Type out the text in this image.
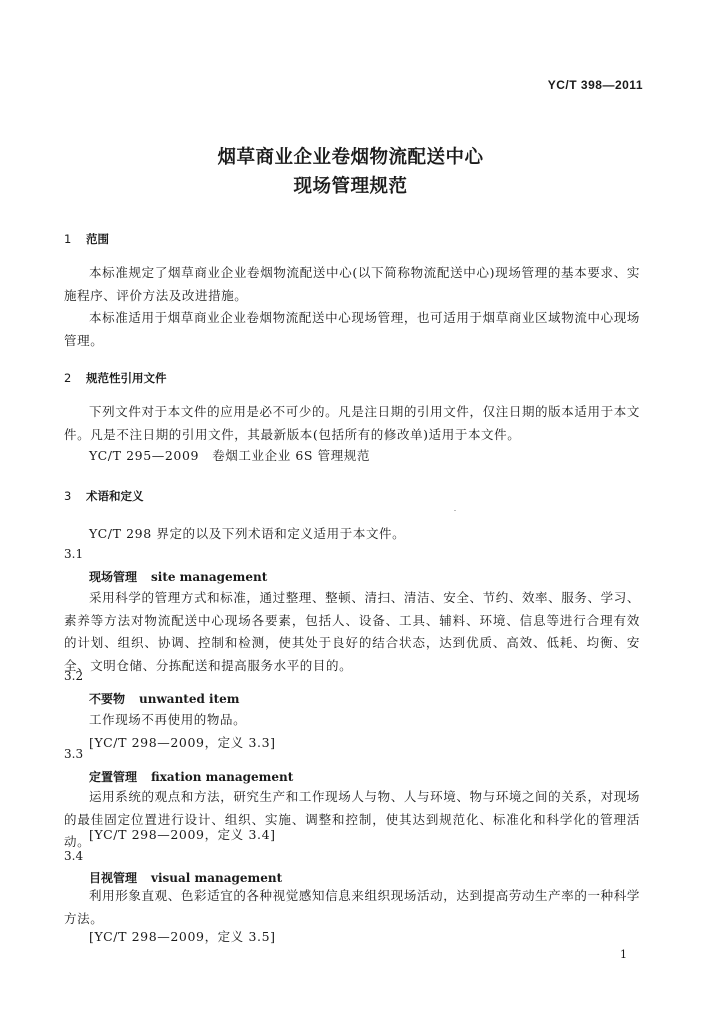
YC/T 398—2011
烟草商业企业卷烟物流配送中心
现场管理规范
1 范围
本标准规定了烟草商业企业卷烟物流配送中心(以下简称物流配送中心)现场管理的基本要求、实施程序、评价方法及改进措施。
本标准适用于烟草商业企业卷烟物流配送中心现场管理，也可适用于烟草商业区域物流中心现场管理。
2 规范性引用文件
下列文件对于本文件的应用是必不可少的。凡是注日期的引用文件，仅注日期的版本适用于本文件。凡是不注日期的引用文件，其最新版本(包括所有的修改单)适用于本文件。
YC/T 295—2009　卷烟工业企业 6S 管理规范
3 术语和定义
YC/T 298 界定的以及下列术语和定义适用于本文件。
3.1
现场管理 site management
采用科学的管理方式和标准，通过整理、整顿、清扫、清洁、安全、节约、效率、服务、学习、素养等方法对物流配送中心现场各要素，包括人、设备、工具、辅料、环境、信息等进行合理有效的计划、组织、协调、控制和检测，使其处于良好的结合状态，达到优质、高效、低耗、均衡、安全、文明仓储、分拣配送和提高服务水平的目的。
3.2
不要物 unwanted item
工作现场不再使用的物品。
[YC/T 298—2009，定义 3.3]
3.3
定置管理 fixation management
运用系统的观点和方法，研究生产和工作现场人与物、人与环境、物与环境之间的关系，对现场的最佳固定位置进行设计、组织、实施、调整和控制，使其达到规范化、标准化和科学化的管理活动。
[YC/T 298—2009，定义 3.4]
3.4
目视管理 visual management
利用形象直观、色彩适宜的各种视觉感知信息来组织现场活动，达到提高劳动生产率的一种科学方法。
[YC/T 298—2009，定义 3.5]
1
